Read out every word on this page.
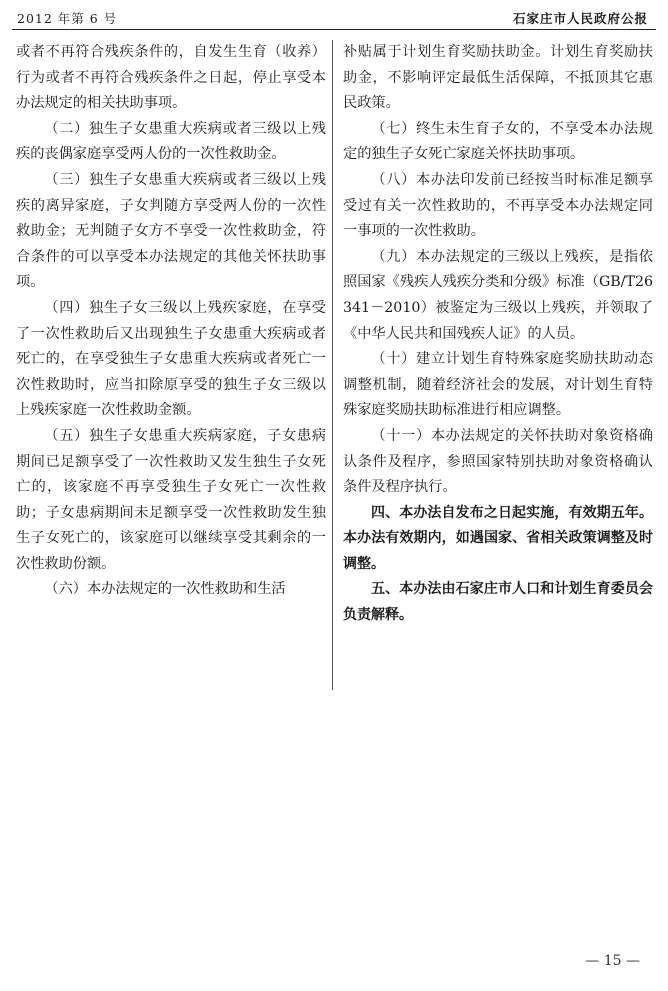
2012 年第 6 号	石家庄市人民政府公报

或者不再符合残疾条件的，自发生生育（收养）行为或者不再符合残疾条件之日起，停止享受本办法规定的相关扶助事项。

（二）独生子女患重大疾病或者三级以上残疾的丧偶家庭享受两人份的一次性救助金。

（三）独生子女患重大疾病或者三级以上残疾的离异家庭，子女判随方享受两人份的一次性救助金；无判随子女方不享受一次性救助金，符合条件的可以享受本办法规定的其他关怀扶助事项。

（四）独生子女三级以上残疾家庭，在享受了一次性救助后又出现独生子女患重大疾病或者死亡的，在享受独生子女患重大疾病或者死亡一次性救助时，应当扣除原享受的独生子女三级以上残疾家庭一次性救助金额。

（五）独生子女患重大疾病家庭，子女患病期间已足额享受了一次性救助又发生独生子女死亡的，该家庭不再享受独生子女死亡一次性救助；子女患病期间未足额享受一次性救助发生独生子女死亡的，该家庭可以继续享受其剩余的一次性救助份额。

（六）本办法规定的一次性救助和生活

补贴属于计划生育奖励扶助金。计划生育奖励扶助金，不影响评定最低生活保障，不抵顶其它惠民政策。

（七）终生未生育子女的，不享受本办法规定的独生子女死亡家庭关怀扶助事项。

（八）本办法印发前已经按当时标准足额享受过有关一次性救助的，不再享受本办法规定同一事项的一次性救助。

（九）本办法规定的三级以上残疾，是指依照国家《残疾人残疾分类和分级》标准（GB/T26341－2010）被鉴定为三级以上残疾，并领取了《中华人民共和国残疾人证》的人员。

（十）建立计划生育特殊家庭奖励扶助动态调整机制，随着经济社会的发展，对计划生育特殊家庭奖励扶助标准进行相应调整。

（十一）本办法规定的关怀扶助对象资格确认条件及程序，参照国家特别扶助对象资格确认条件及程序执行。

四、本办法自发布之日起实施，有效期五年。本办法有效期内，如遇国家、省相关政策调整及时调整。

五、本办法由石家庄市人口和计划生育委员会负责解释。

— 15 —
